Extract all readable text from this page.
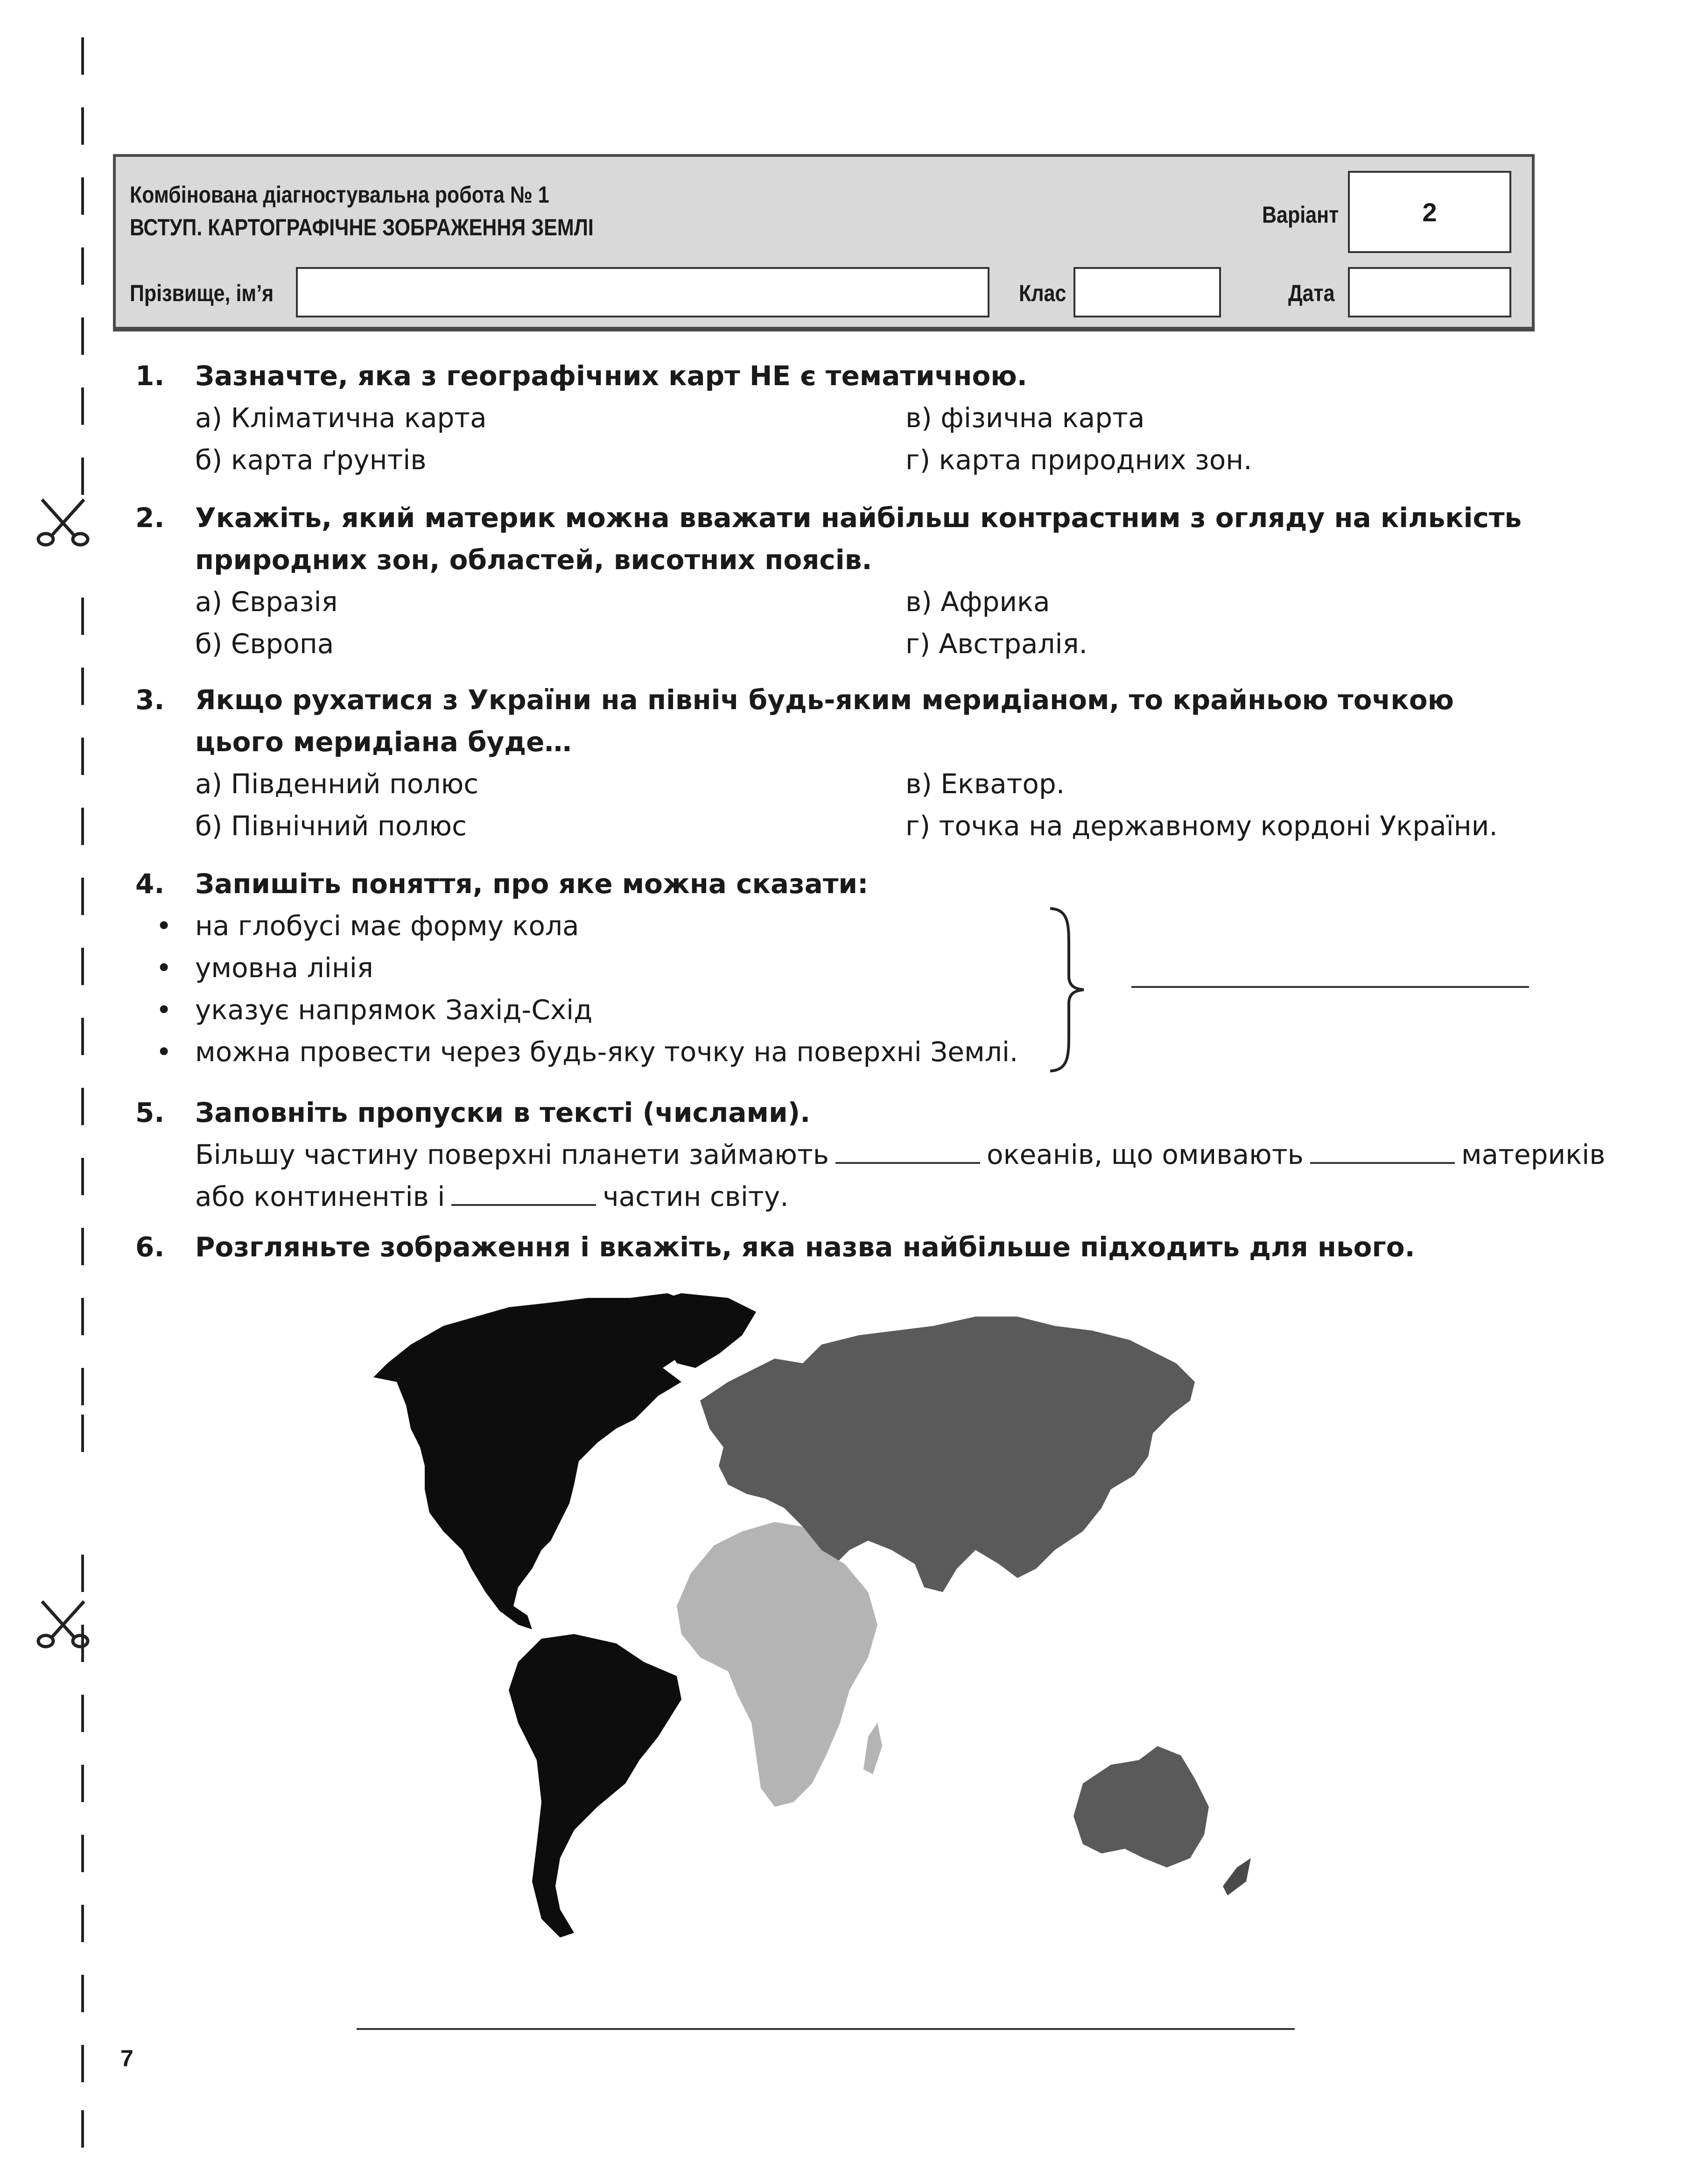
Комбінована діагностувальна робота № 1
ВСТУП. КАРТОГРАФІЧНЕ ЗОБРАЖЕННЯ ЗЕМЛІ	Варіант	2
Прізвище, ім’я	Клас	Дата
1. Зазначте, яка з географічних карт НЕ є тематичною.
а) Кліматична карта
б) карта ґрунтів
в) фізична карта
г) карта природних зон.
2. Укажіть, який материк можна вважати найбільш контрастним з огляду на кількість природних зон, областей, висотних поясів.
а) Євразія
б) Європа
в) Африка
г) Австралія.
3. Якщо рухатися з України на північ будь-яким меридіаном, то крайньою точкою цього меридіана буде…
а) Південний полюс
б) Північний полюс
в) Екватор.
г) точка на державному кордоні України.
4. Запишіть поняття, про яке можна сказати:
• на глобусі має форму кола
• умовна лінія
• указує напрямок Захід-Схід
• можна провести через будь-яку точку на поверхні Землі.
5. Заповніть пропуски в тексті (числами).
Більшу частину поверхні планети займають	океанів, що омивають	материків
або континентів і	частин світу.
6. Розгляньте зображення і вкажіть, яка назва найбільше підходить для нього.
7
